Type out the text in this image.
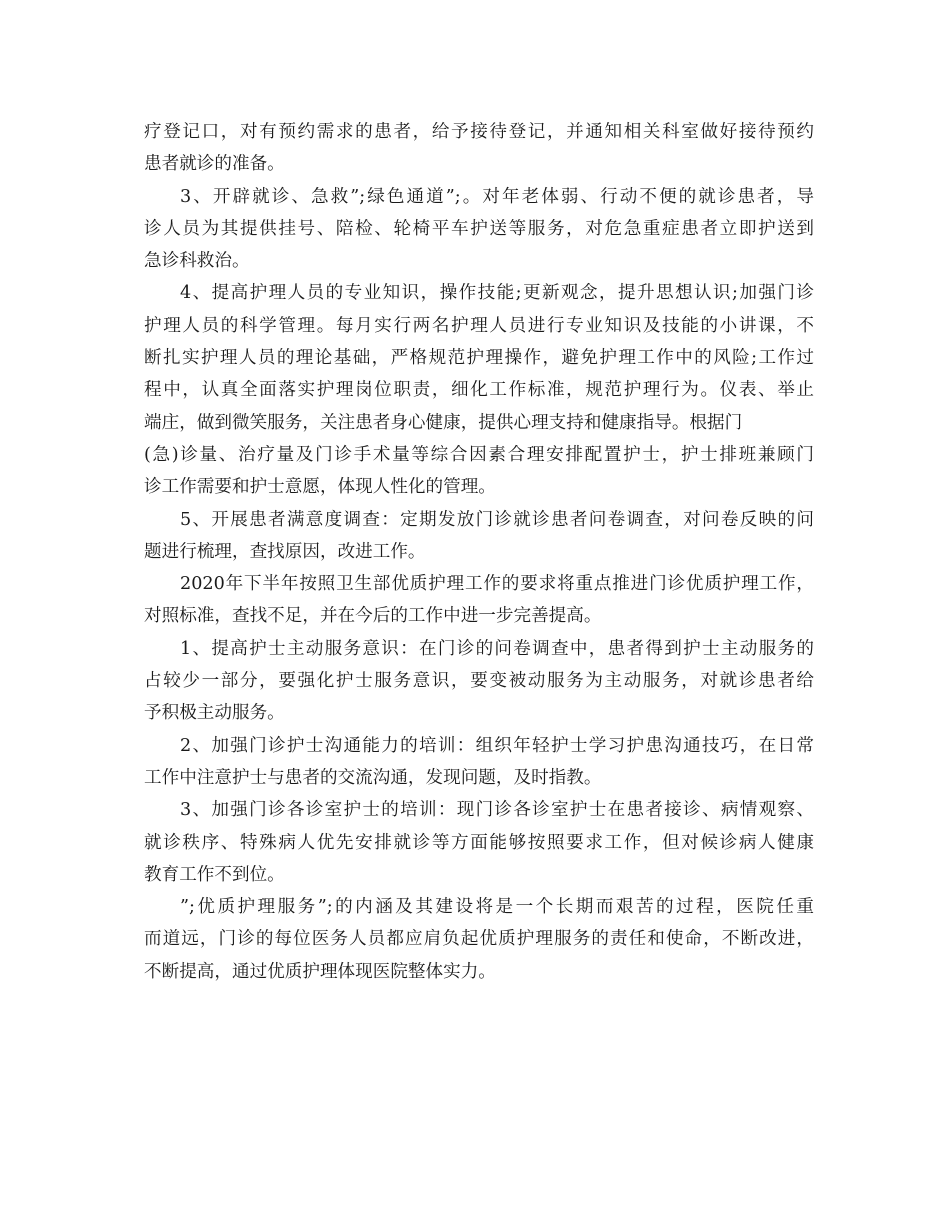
疗登记口，对有预约需求的患者，给予接待登记，并通知相关科室做好接待预约
患者就诊的准备。
3、开辟就诊、急救”;绿色通道”;。对年老体弱、行动不便的就诊患者，导
诊人员为其提供挂号、陪检、轮椅平车护送等服务，对危急重症患者立即护送到
急诊科救治。
4、提高护理人员的专业知识，操作技能;更新观念，提升思想认识;加强门诊
护理人员的科学管理。每月实行两名护理人员进行专业知识及技能的小讲课，不
断扎实护理人员的理论基础，严格规范护理操作，避免护理工作中的风险;工作过
程中，认真全面落实护理岗位职责，细化工作标准，规范护理行为。仪表、举止
端庄，做到微笑服务，关注患者身心健康，提供心理支持和健康指导。根据门
(急)诊量、治疗量及门诊手术量等综合因素合理安排配置护士，护士排班兼顾门
诊工作需要和护士意愿，体现人性化的管理。
5、开展患者满意度调查：定期发放门诊就诊患者问卷调查，对问卷反映的问
题进行梳理，查找原因，改进工作。
2020年下半年按照卫生部优质护理工作的要求将重点推进门诊优质护理工作，
对照标准，查找不足，并在今后的工作中进一步完善提高。
1、提高护士主动服务意识：在门诊的问卷调查中，患者得到护士主动服务的
占较少一部分，要强化护士服务意识，要变被动服务为主动服务，对就诊患者给
予积极主动服务。
2、加强门诊护士沟通能力的培训：组织年轻护士学习护患沟通技巧，在日常
工作中注意护士与患者的交流沟通，发现问题，及时指教。
3、加强门诊各诊室护士的培训：现门诊各诊室护士在患者接诊、病情观察、
就诊秩序、特殊病人优先安排就诊等方面能够按照要求工作，但对候诊病人健康
教育工作不到位。
”;优质护理服务”;的内涵及其建设将是一个长期而艰苦的过程，医院任重
而道远，门诊的每位医务人员都应肩负起优质护理服务的责任和使命，不断改进，
不断提高，通过优质护理体现医院整体实力。
